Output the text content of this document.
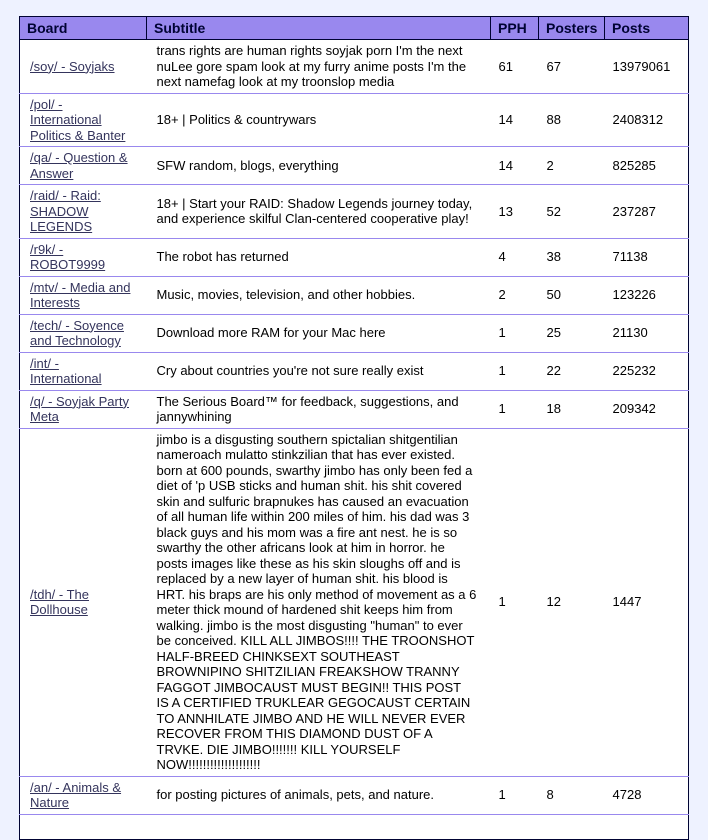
Board	Subtitle	PPH	Posters	Posts
/soy/ - Soyjaks	trans rights are human rights soyjak porn I'm the next nuLee gore spam look at my furry anime posts I'm the next namefag look at my troonslop media	61	67	13979061
/pol/ - International Politics & Banter	18+ | Politics & countrywars	14	88	2408312
/qa/ - Question & Answer	SFW random, blogs, everything	14	2	825285
/raid/ - Raid: SHADOW LEGENDS	18+ | Start your RAID: Shadow Legends journey today, and experience skilful Clan-centered cooperative play!	13	52	237287
/r9k/ - ROBOT9999	The robot has returned	4	38	71138
/mtv/ - Media and Interests	Music, movies, television, and other hobbies.	2	50	123226
/tech/ - Soyence and Technology	Download more RAM for your Mac here	1	25	21130
/int/ - International	Cry about countries you're not sure really exist	1	22	225232
/q/ - Soyjak Party Meta	The Serious Board™ for feedback, suggestions, and jannywhining	1	18	209342
/tdh/ - The Dollhouse	jimbo is a disgusting southern spictalian shitgentilian nameroach mulatto stinkzilian that has ever existed. born at 600 pounds, swarthy jimbo has only been fed a diet of 'p USB sticks and human shit. his shit covered skin and sulfuric brapnukes has caused an evacuation of all human life within 200 miles of him. his dad was 3 black guys and his mom was a fire ant nest. he is so swarthy the other africans look at him in horror. he posts images like these as his skin sloughs off and is replaced by a new layer of human shit. his blood is HRT. his braps are his only method of movement as a 6 meter thick mound of hardened shit keeps him from walking. jimbo is the most disgusting "human" to ever be conceived. KILL ALL JIMBOS!!!! THE TROONSHOT HALF-BREED CHINKSEXT SOUTHEAST BROWNIPINO SHITZILIAN FREAKSHOW TRANNY FAGGOT JIMBOCAUST MUST BEGIN!! THIS POST IS A CERTIFIED TRUKLEAR GEGOCAUST CERTAIN TO ANNHILATE JIMBO AND HE WILL NEVER EVER RECOVER FROM THIS DIAMOND DUST OF A TRVKE. DIE JIMBO!!!!!!! KILL YOURSELF NOW!!!!!!!!!!!!!!!!!!!!	1	12	1447
/an/ - Animals & Nature	for posting pictures of animals, pets, and nature.	1	8	4728
